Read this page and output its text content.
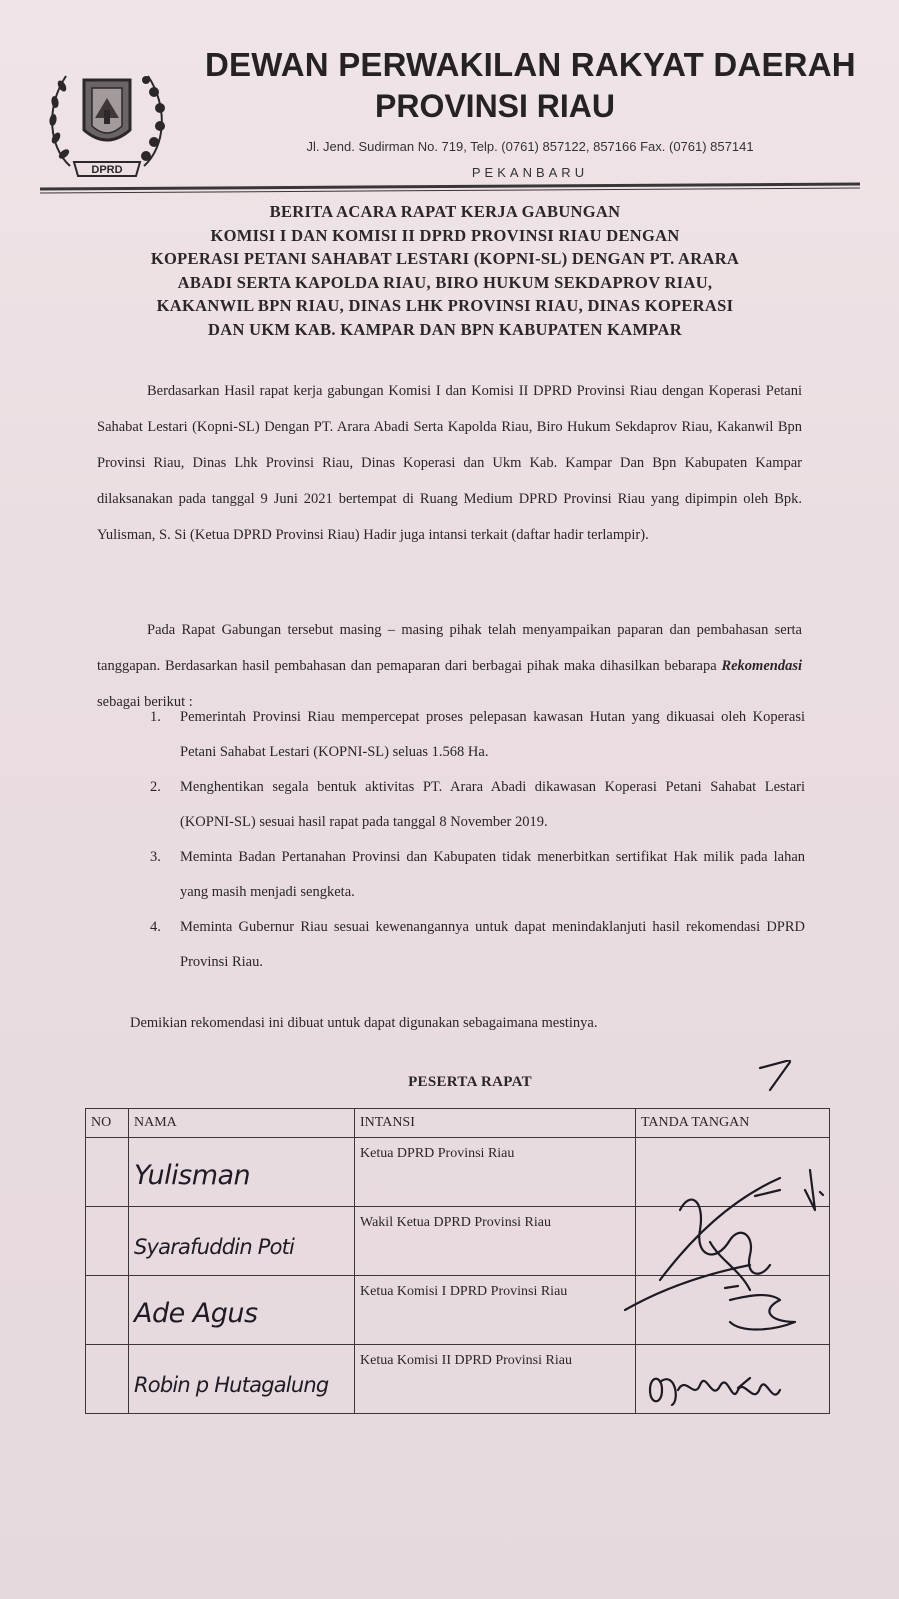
DPRD
DEWAN PERWAKILAN RAKYAT DAERAH
PROVINSI RIAU
Jl. Jend. Sudirman No. 719, Telp. (0761) 857122, 857166 Fax. (0761) 857141
PEKANBARU
BERITA ACARA RAPAT KERJA GABUNGAN
KOMISI I DAN KOMISI II DPRD PROVINSI RIAU DENGAN
KOPERASI PETANI SAHABAT LESTARI (KOPNI-SL) DENGAN PT. ARARA
ABADI SERTA KAPOLDA RIAU, BIRO HUKUM SEKDAPROV RIAU,
KAKANWIL BPN RIAU, DINAS LHK PROVINSI RIAU, DINAS KOPERASI
DAN UKM KAB. KAMPAR DAN BPN KABUPATEN KAMPAR
Berdasarkan Hasil rapat kerja gabungan Komisi I dan Komisi II DPRD Provinsi Riau dengan Koperasi Petani Sahabat Lestari (Kopni-SL) Dengan PT. Arara Abadi Serta Kapolda Riau, Biro Hukum Sekdaprov Riau, Kakanwil Bpn Provinsi Riau, Dinas Lhk Provinsi Riau, Dinas Koperasi dan Ukm Kab. Kampar Dan Bpn Kabupaten Kampar dilaksanakan pada tanggal 9 Juni 2021 bertempat di Ruang Medium DPRD Provinsi Riau yang dipimpin oleh Bpk. Yulisman, S. Si (Ketua DPRD Provinsi Riau) Hadir juga intansi terkait (daftar hadir terlampir).
Pada Rapat Gabungan tersebut masing – masing pihak telah menyampaikan paparan dan pembahasan serta tanggapan. Berdasarkan hasil pembahasan dan pemaparan dari berbagai pihak maka dihasilkan bebarapa Rekomendasi sebagai berikut :
1. Pemerintah Provinsi Riau mempercepat proses pelepasan kawasan Hutan yang dikuasai oleh Koperasi Petani Sahabat Lestari (KOPNI-SL) seluas 1.568 Ha.
2. Menghentikan segala bentuk aktivitas PT. Arara Abadi dikawasan Koperasi Petani Sahabat Lestari (KOPNI-SL) sesuai hasil rapat pada tanggal 8 November 2019.
3. Meminta Badan Pertanahan Provinsi dan Kabupaten tidak menerbitkan sertifikat Hak milik pada lahan yang masih menjadi sengketa.
4. Meminta Gubernur Riau sesuai kewenangannya untuk dapat menindaklanjuti hasil rekomendasi DPRD Provinsi Riau.
Demikian rekomendasi ini dibuat untuk dapat digunakan sebagaimana mestinya.
PESERTA RAPAT
NO	NAMA	INTANSI	TANDA TANGAN

	Yulisman	Ketua DPRD Provinsi Riau	

	Syarafuddin Poti	Wakil Ketua DPRD Provinsi Riau	

	Ade Agus	Ketua Komisi I DPRD Provinsi Riau	

	Robin p Hutagalung	Ketua Komisi II DPRD Provinsi Riau	
